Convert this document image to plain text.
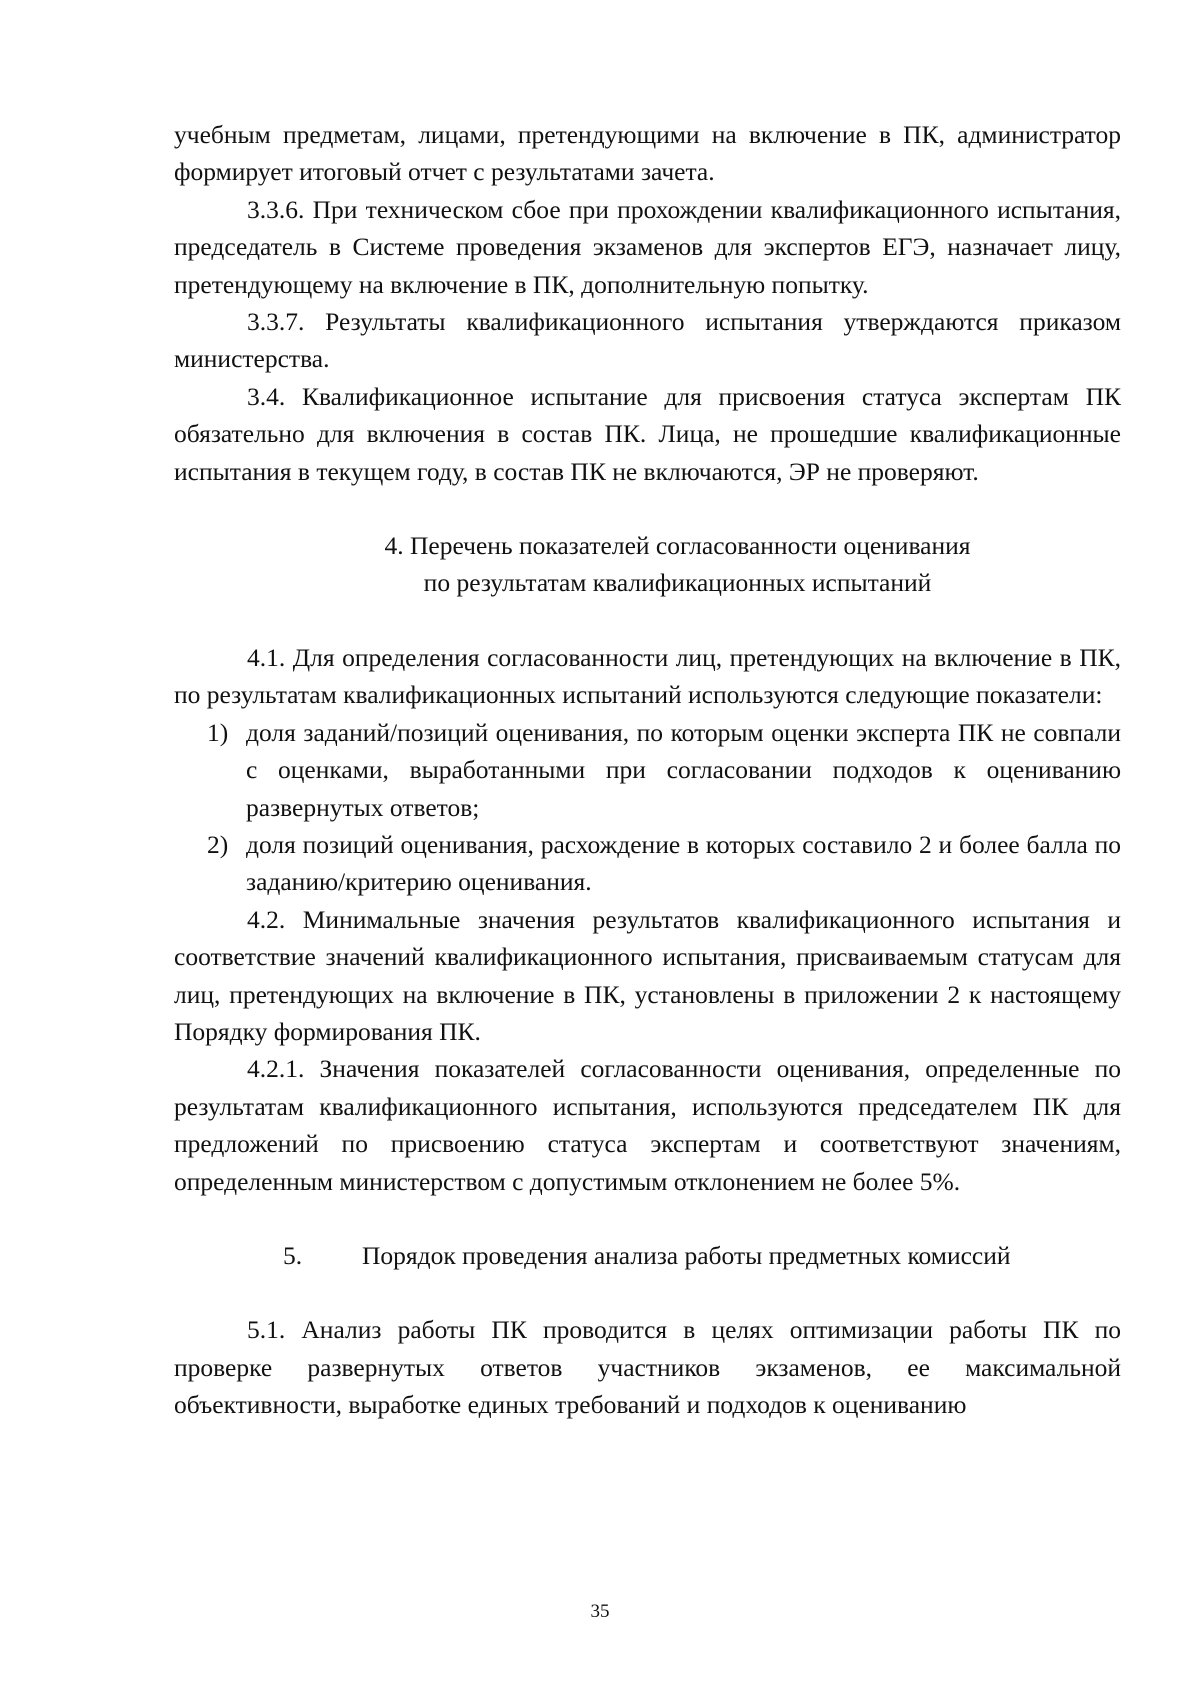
учебным предметам, лицами, претендующими на включение в ПК, администратор формирует итоговый отчет с результатами зачета.

3.3.6. При техническом сбое при прохождении квалификационного испытания, председатель в Системе проведения экзаменов для экспертов ЕГЭ, назначает лицу, претендующему на включение в ПК, дополнительную попытку.

3.3.7. Результаты квалификационного испытания утверждаются приказом министерства.

3.4. Квалификационное испытание для присвоения статуса экспертам ПК обязательно для включения в состав ПК. Лица, не прошедшие квалификационные испытания в текущем году, в состав ПК не включаются, ЭР не проверяют.

4. Перечень показателей согласованности оценивания
по результатам квалификационных испытаний

4.1. Для определения согласованности лиц, претендующих на включение в ПК, по результатам квалификационных испытаний используются следующие показатели:

1) доля заданий/позиций оценивания, по которым оценки эксперта ПК не совпали с оценками, выработанными при согласовании подходов к оцениванию развернутых ответов;
2) доля позиций оценивания, расхождение в которых составило 2 и более балла по заданию/критерию оценивания.

4.2. Минимальные значения результатов квалификационного испытания и соответствие значений квалификационного испытания, присваиваемым статусам для лиц, претендующих на включение в ПК, установлены в приложении 2 к настоящему Порядку формирования ПК.

4.2.1. Значения показателей согласованности оценивания, определенные по результатам квалификационного испытания, используются председателем ПК для предложений по присвоению статуса экспертам и соответствуют значениям, определенным министерством с допустимым отклонением не более 5%.

5. Порядок проведения анализа работы предметных комиссий

5.1. Анализ работы ПК проводится в целях оптимизации работы ПК по проверке развернутых ответов участников экзаменов, ее максимальной объективности, выработке единых требований и подходов к оцениванию

35
